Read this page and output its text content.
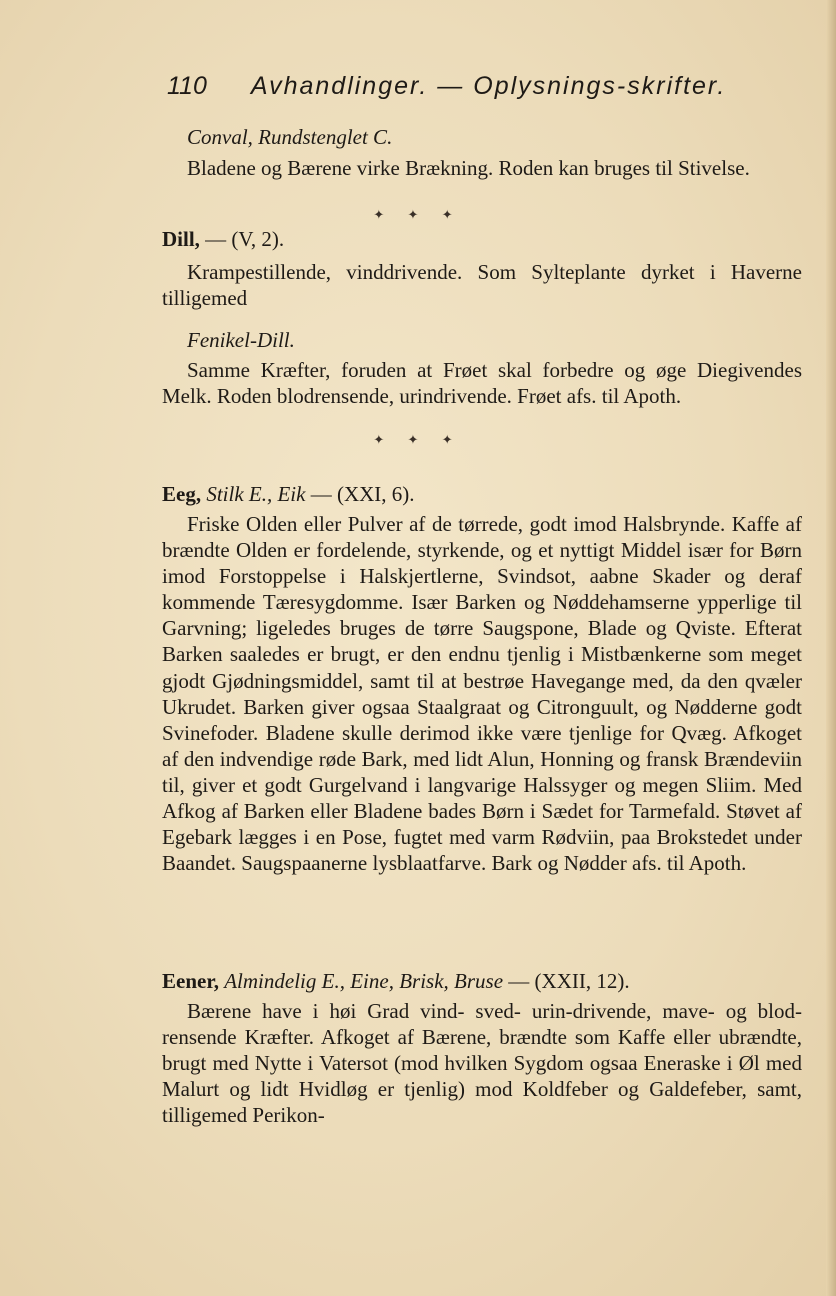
110 Avhandlinger. — Oplysnings-skrifter.
Conval, Rundstenglet C.

Bladene og Bærene virke Brækning. Roden kan bruges til Stivelse.

✦ ✦ ✦

Dill, — (V, 2).

Krampestillende, vinddrivende. Som Sylteplante dyrket i Haverne tilligemed

Fenikel-Dill.

Samme Kræfter, foruden at Frøet skal forbedre og øge Diegivendes Melk. Roden blodrensende, urindrivende. Frøet afs. til Apoth.

✦ ✦ ✦

Eeg, Stilk E., Eik — (XXI, 6).

Friske Olden eller Pulver af de tørrede, godt imod Halsbrynde. Kaffe af brændte Olden er fordelende, styrkende, og et nyttigt Middel især for Børn imod Forstoppelse i Halskjertlerne, Svindsot, aabne Skader og deraf kommende Tæresygdomme. Især Barken og Nøddehamserne ypperlige til Garvning; ligeledes bruges de tørre Saugspone, Blade og Qviste. Efterat Barken saaledes er brugt, er den endnu tjenlig i Mistbænkerne som meget gjodt Gjødningsmiddel, samt til at bestrøe Havegange med, da den qvæler Ukrudet. Barken giver ogsaa Staalgraat og Citronguult, og Nødderne godt Svinefoder. Bladene skulle derimod ikke være tjenlige for Qvæg. Afkoget af den indvendige røde Bark, med lidt Alun, Honning og fransk Brændeviin til, giver et godt Gurgelvand i langvarige Halssyger og megen Sliim. Med Afkog af Barken eller Bladene bades Børn i Sædet for Tarmefald. Støvet af Egebark lægges i en Pose, fugtet med varm Rødviin, paa Brokstedet under Baandet. Saugspaanerne lysblaatfarve. Bark og Nødder afs. til Apoth.

Eener, Almindelig E., Eine, Brisk, Bruse — (XXII, 12).

Bærene have i høi Grad vind- sved- urin-drivende, mave- og blod-rensende Kræfter. Afkoget af Bærene, brændte som Kaffe eller ubrændte, brugt med Nytte i Vatersot (mod hvilken Sygdom ogsaa Eneraske i Øl med Malurt og lidt Hvidløg er tjenlig) mod Koldfeber og Galdefeber, samt, tilligemed Perikon-
